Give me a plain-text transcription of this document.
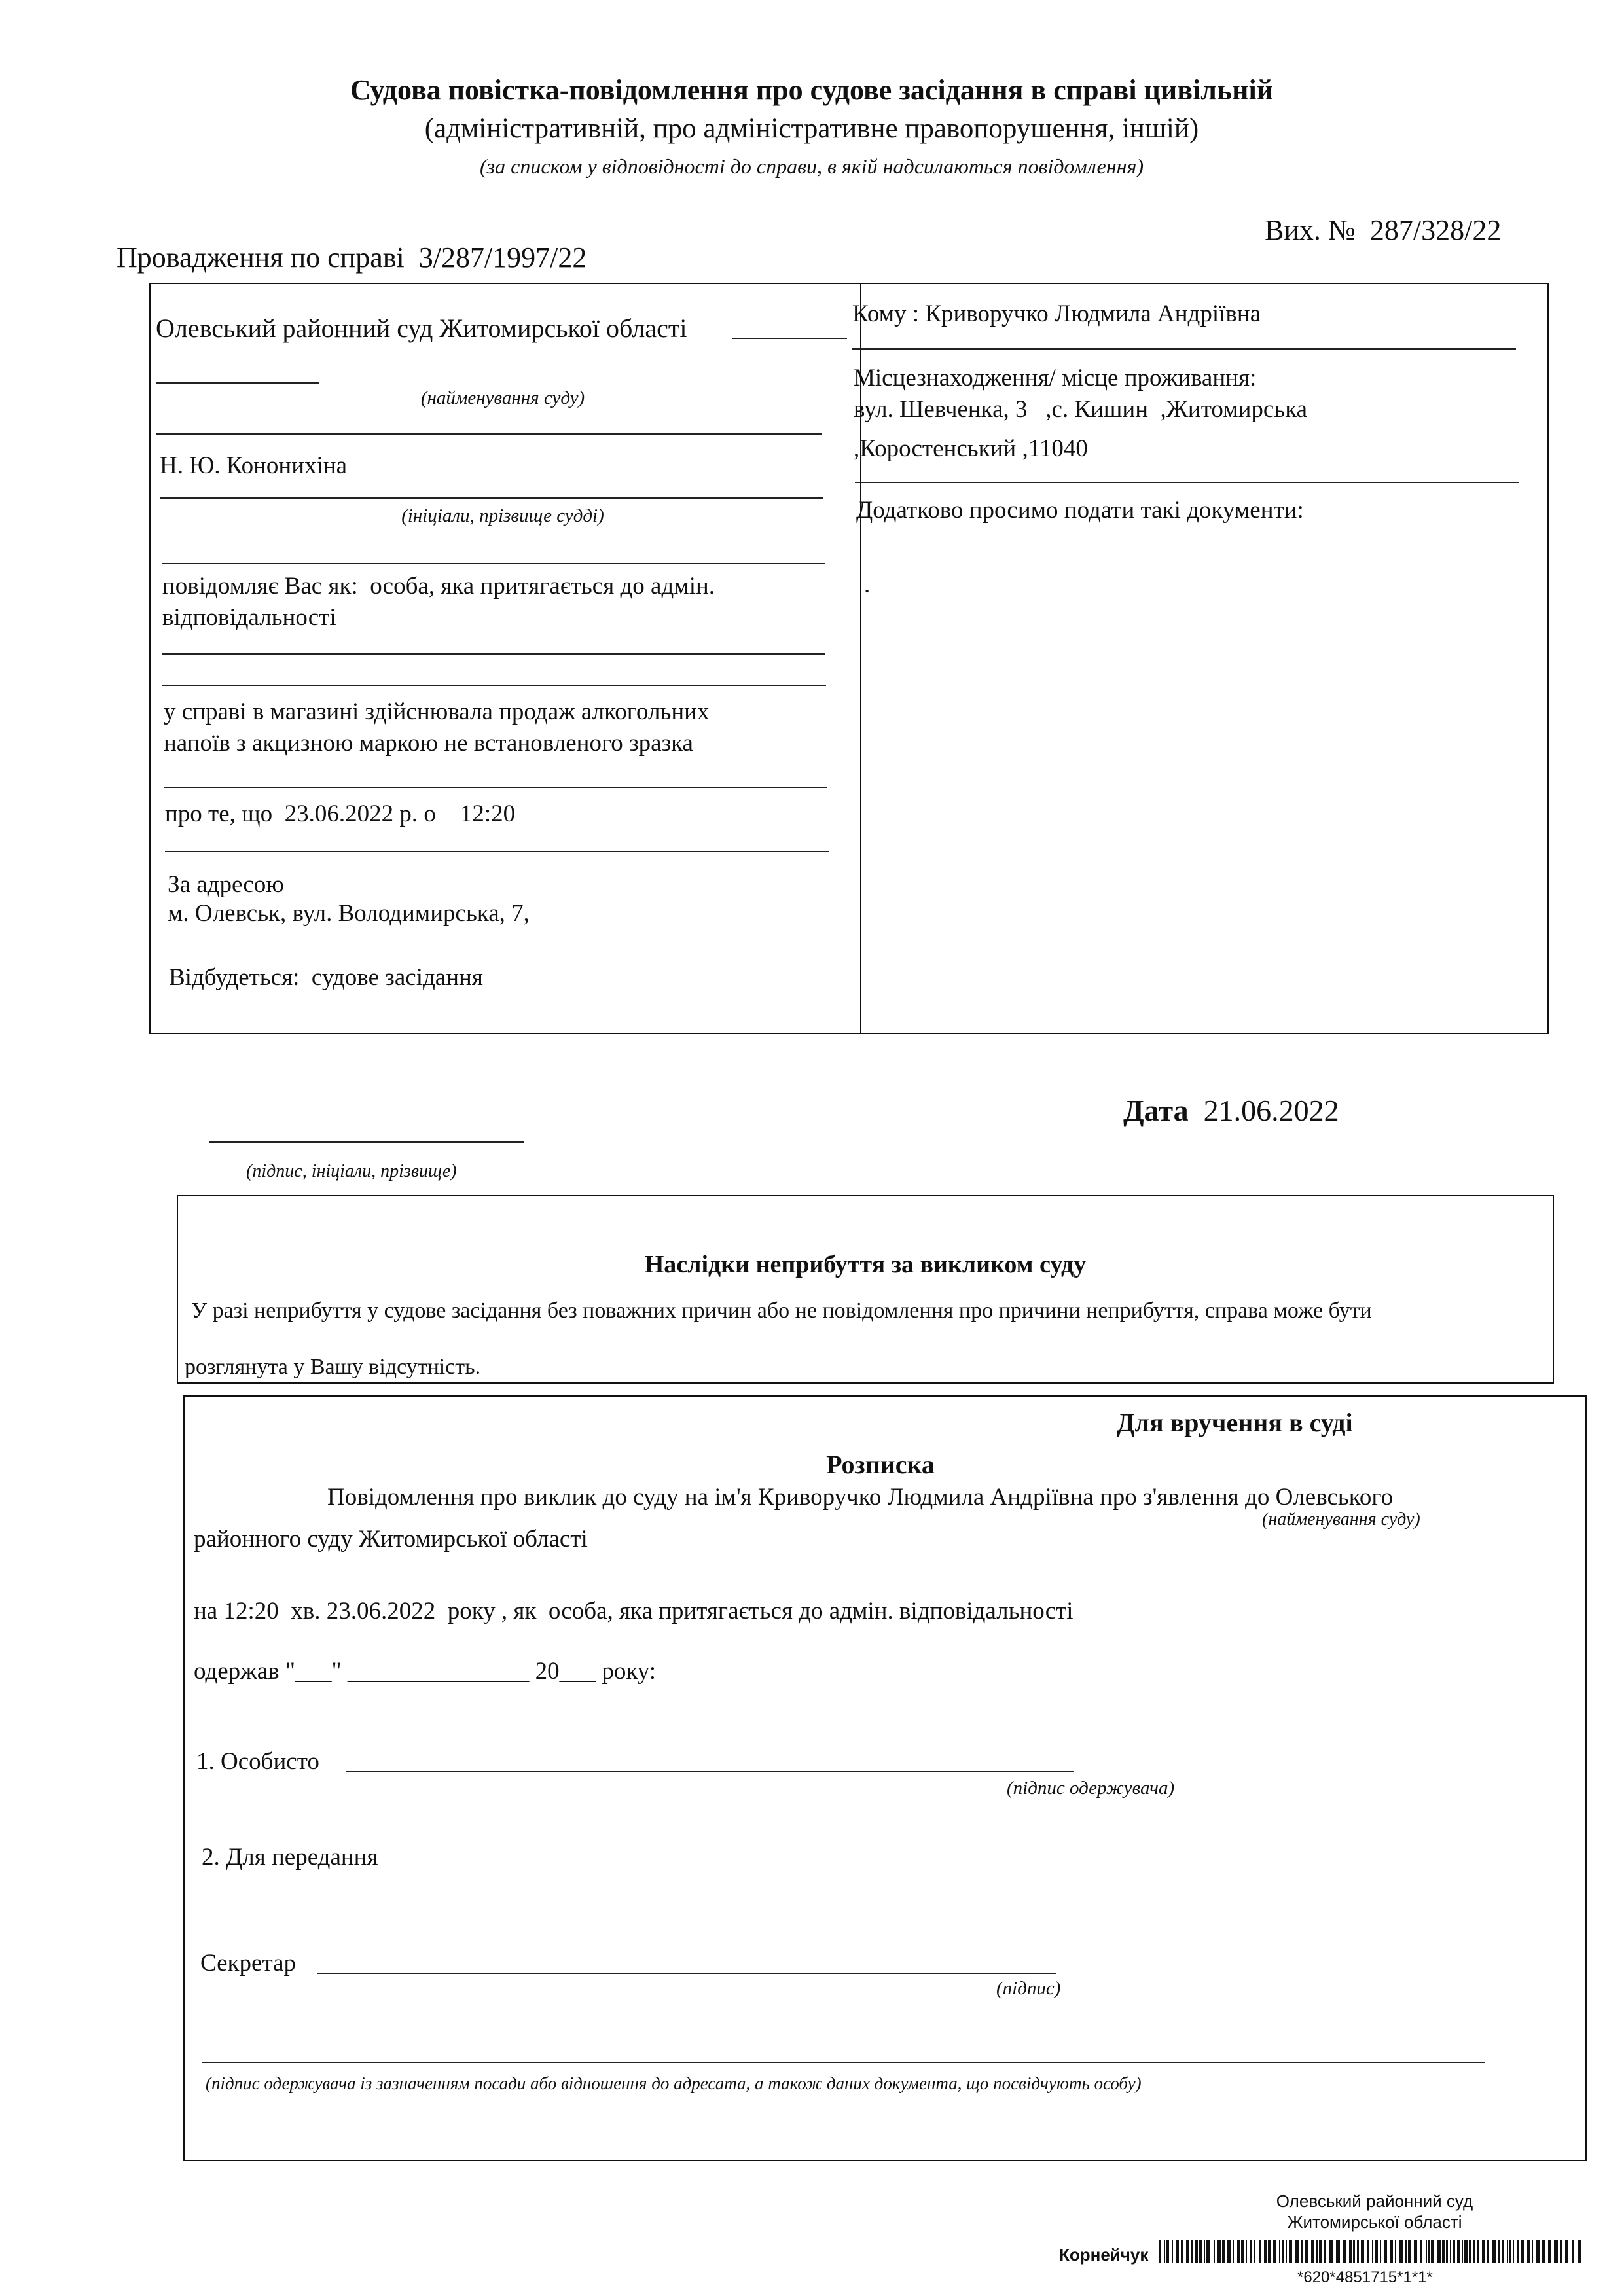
Судова повістка-повідомлення про судове засідання в справі цивільній
(адміністративній, про адміністративне правопорушення, іншій)
(за списком у відповідності до справи, в якій надсилаються повідомлення)
Провадження по справі 3/287/1997/22
Вих. № 287/328/22
Олевський районний суд Житомирської області
(найменування суду)
Н. Ю. Кононихіна
(ініціали, прізвище судді)
повідомляє Вас як:  особа, яка притягається до адмін.
відповідальності
у справі в магазині здійснювала продаж алкогольних
напоїв з акцизною маркою не встановленого зразка
про те, що  23.06.2022 р. о    12:20
За адресою
м. Олевськ, вул. Володимирська, 7,
Відбудеться:  судове засідання
Кому : Криворучко Людмила Андріївна
Місцезнаходження/ місце проживання:
вул. Шевченка, 3   ,с. Кишин  ,Житомирська
,Коростенський ,11040
Додатково просимо подати такі документи:
.
Дата 21.06.2022
(підпис, ініціали, прізвище)
Наслідки неприбуття за викликом суду
У разі неприбуття у судове засідання без поважних причин або не повідомлення про причини неприбуття, справа може бути
розглянута у Вашу відсутність.
Для вручення в суді
Розписка
Повідомлення про виклик до суду на ім'я Криворучко Людмила Андріївна про з'явлення до Олевського
(найменування суду)
районного суду Житомирської області
на 12:20  хв. 23.06.2022  року , як  особа, яка притягається до адмін. відповідальності
одержав "___" _______________ 20___ року:
1. Особисто
(підпис одержувача)
2. Для передання
Секретар
(підпис)
(підпис одержувача із зазначенням посади або відношення до адресата, а також даних документа, що посвідчують особу)
Олевський районний суд
Житомирської області
Корнейчук
*620*4851715*1*1*
